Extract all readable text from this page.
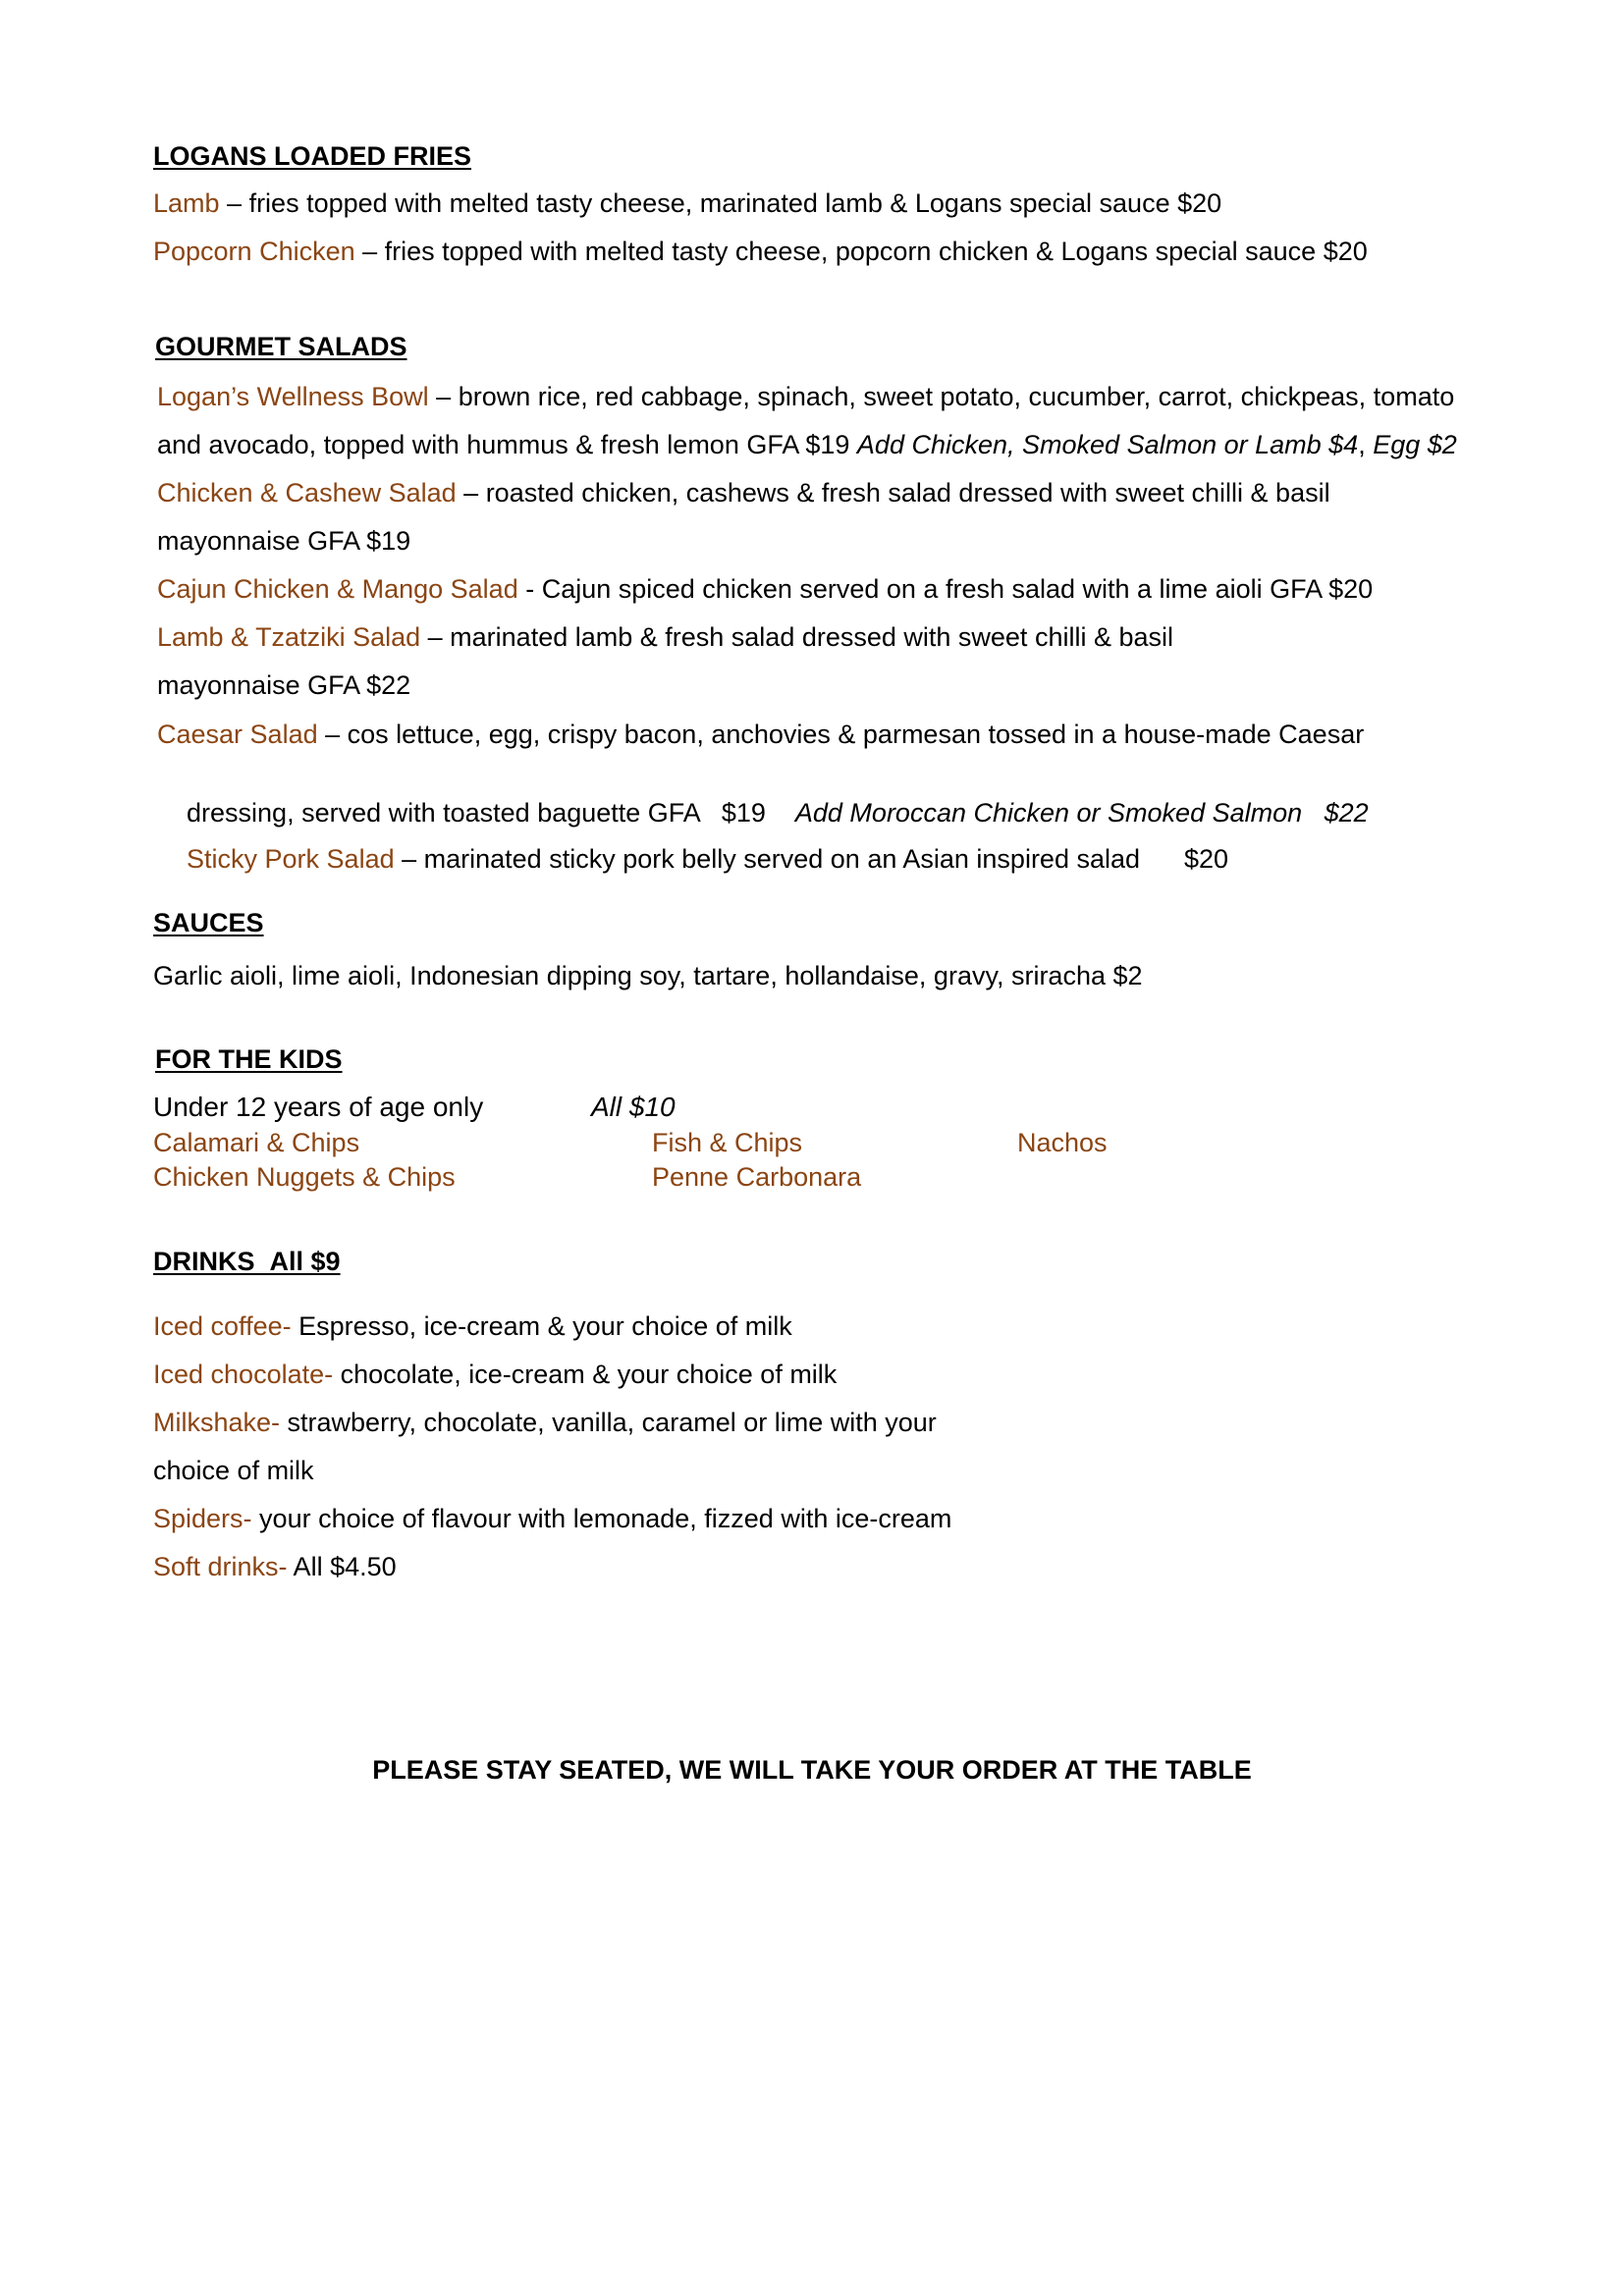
LOGANS LOADED FRIES
Lamb – fries topped with melted tasty cheese, marinated lamb & Logans special sauce $20
Popcorn Chicken – fries topped with melted tasty cheese, popcorn chicken & Logans special sauce $20
GOURMET SALADS
Logan’s Wellness Bowl – brown rice, red cabbage, spinach, sweet potato, cucumber, carrot, chickpeas, tomato
and avocado, topped with hummus & fresh lemon GFA $19 Add Chicken, Smoked Salmon or Lamb $4, Egg $2
Chicken & Cashew Salad – roasted chicken, cashews & fresh salad dressed with sweet chilli & basil
mayonnaise GFA $19
Cajun Chicken & Mango Salad - Cajun spiced chicken served on a fresh salad with a lime aioli GFA $20
Lamb & Tzatziki Salad – marinated lamb & fresh salad dressed with sweet chilli & basil
mayonnaise GFA $22
Caesar Salad – cos lettuce, egg, crispy bacon, anchovies & parmesan tossed in a house-made Caesar

dressing, served with toasted baguette GFA   $19    Add Moroccan Chicken or Smoked Salmon   $22

Sticky Pork Salad – marinated sticky pork belly served on an Asian inspired salad      $20

SAUCES
Garlic aioli, lime aioli, Indonesian dipping soy, tartare, hollandaise, gravy, sriracha $2
FOR THE KIDS
Under 12 years of age only	All $10
Calamari & Chips	Fish & Chips	Nachos
Chicken Nuggets & Chips	Penne Carbonara
DRINKS All $9
Iced coffee- Espresso, ice-cream & your choice of milk
Iced chocolate- chocolate, ice-cream & your choice of milk
Milkshake- strawberry, chocolate, vanilla, caramel or lime with your
choice of milk
Spiders- your choice of flavour with lemonade, fizzed with ice-cream
Soft drinks- All $4.50
PLEASE STAY SEATED, WE WILL TAKE YOUR ORDER AT THE TABLE
